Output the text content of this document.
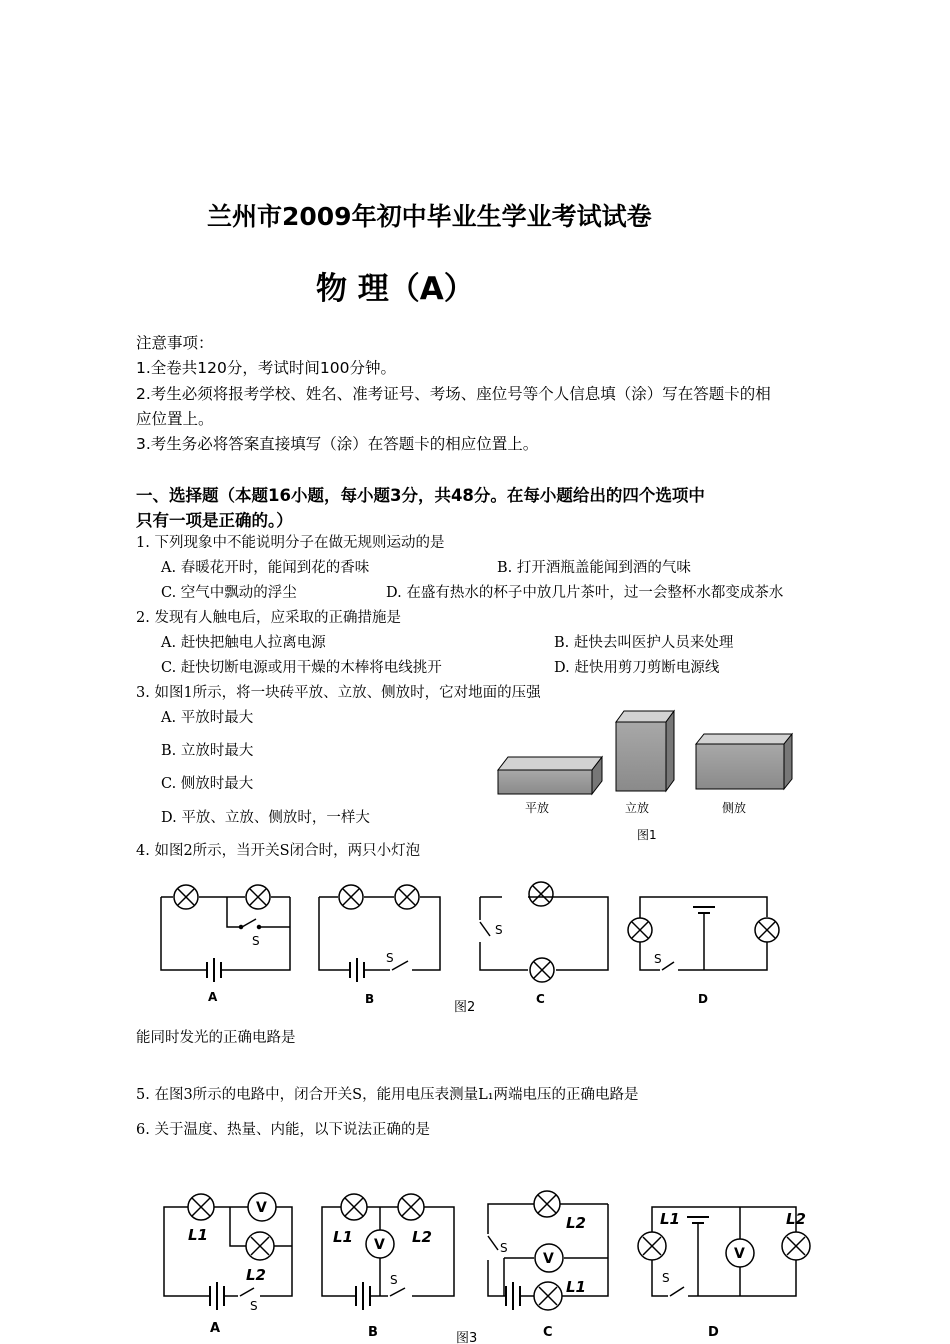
兰州市2009年初中毕业生学业考试试卷
物 理（A）
注意事项：
1.全卷共120分，考试时间100分钟。
2.考生必须将报考学校、姓名、准考证号、考场、座位号等个人信息填（涂）写在答题卡的相
应位置上。
3.考生务必将答案直接填写（涂）在答题卡的相应位置上。
一、选择题（本题16小题，每小题3分，共48分。在每小题给出的四个选项中
只有一项是正确的。）
1. 下列现象中不能说明分子在做无规则运动的是
A. 春暖花开时，能闻到花的香味	B. 打开酒瓶盖能闻到酒的气味
C. 空气中飘动的浮尘	D. 在盛有热水的杯子中放几片茶叶，过一会整杯水都变成茶水
2. 发现有人触电后，应采取的正确措施是
A. 赶快把触电人拉离电源	B. 赶快去叫医护人员来处理
C. 赶快切断电源或用干燥的木棒将电线挑开	D. 赶快用剪刀剪断电源线
3. 如图1所示，将一块砖平放、立放、侧放时，它对地面的压强
A. 平放时最大
B. 立放时最大
C. 侧放时最大
D. 平放、立放、侧放时，一样大
平放	立放	侧放
图1
4. 如图2所示，当开关S闭合时，两只小灯泡
S
S
S
S
A	B	C	D
图2
能同时发光的正确电路是
5. 在图3所示的电路中，闭合开关S，能用电压表测量L₁两端电压的正确电路是
6. 关于温度、热量、内能，以下说法正确的是
V
V
V	V
L1
L2
L1	L2
L2
L1
L1	L2
S
S
S
S
A	B	C	D
图3
